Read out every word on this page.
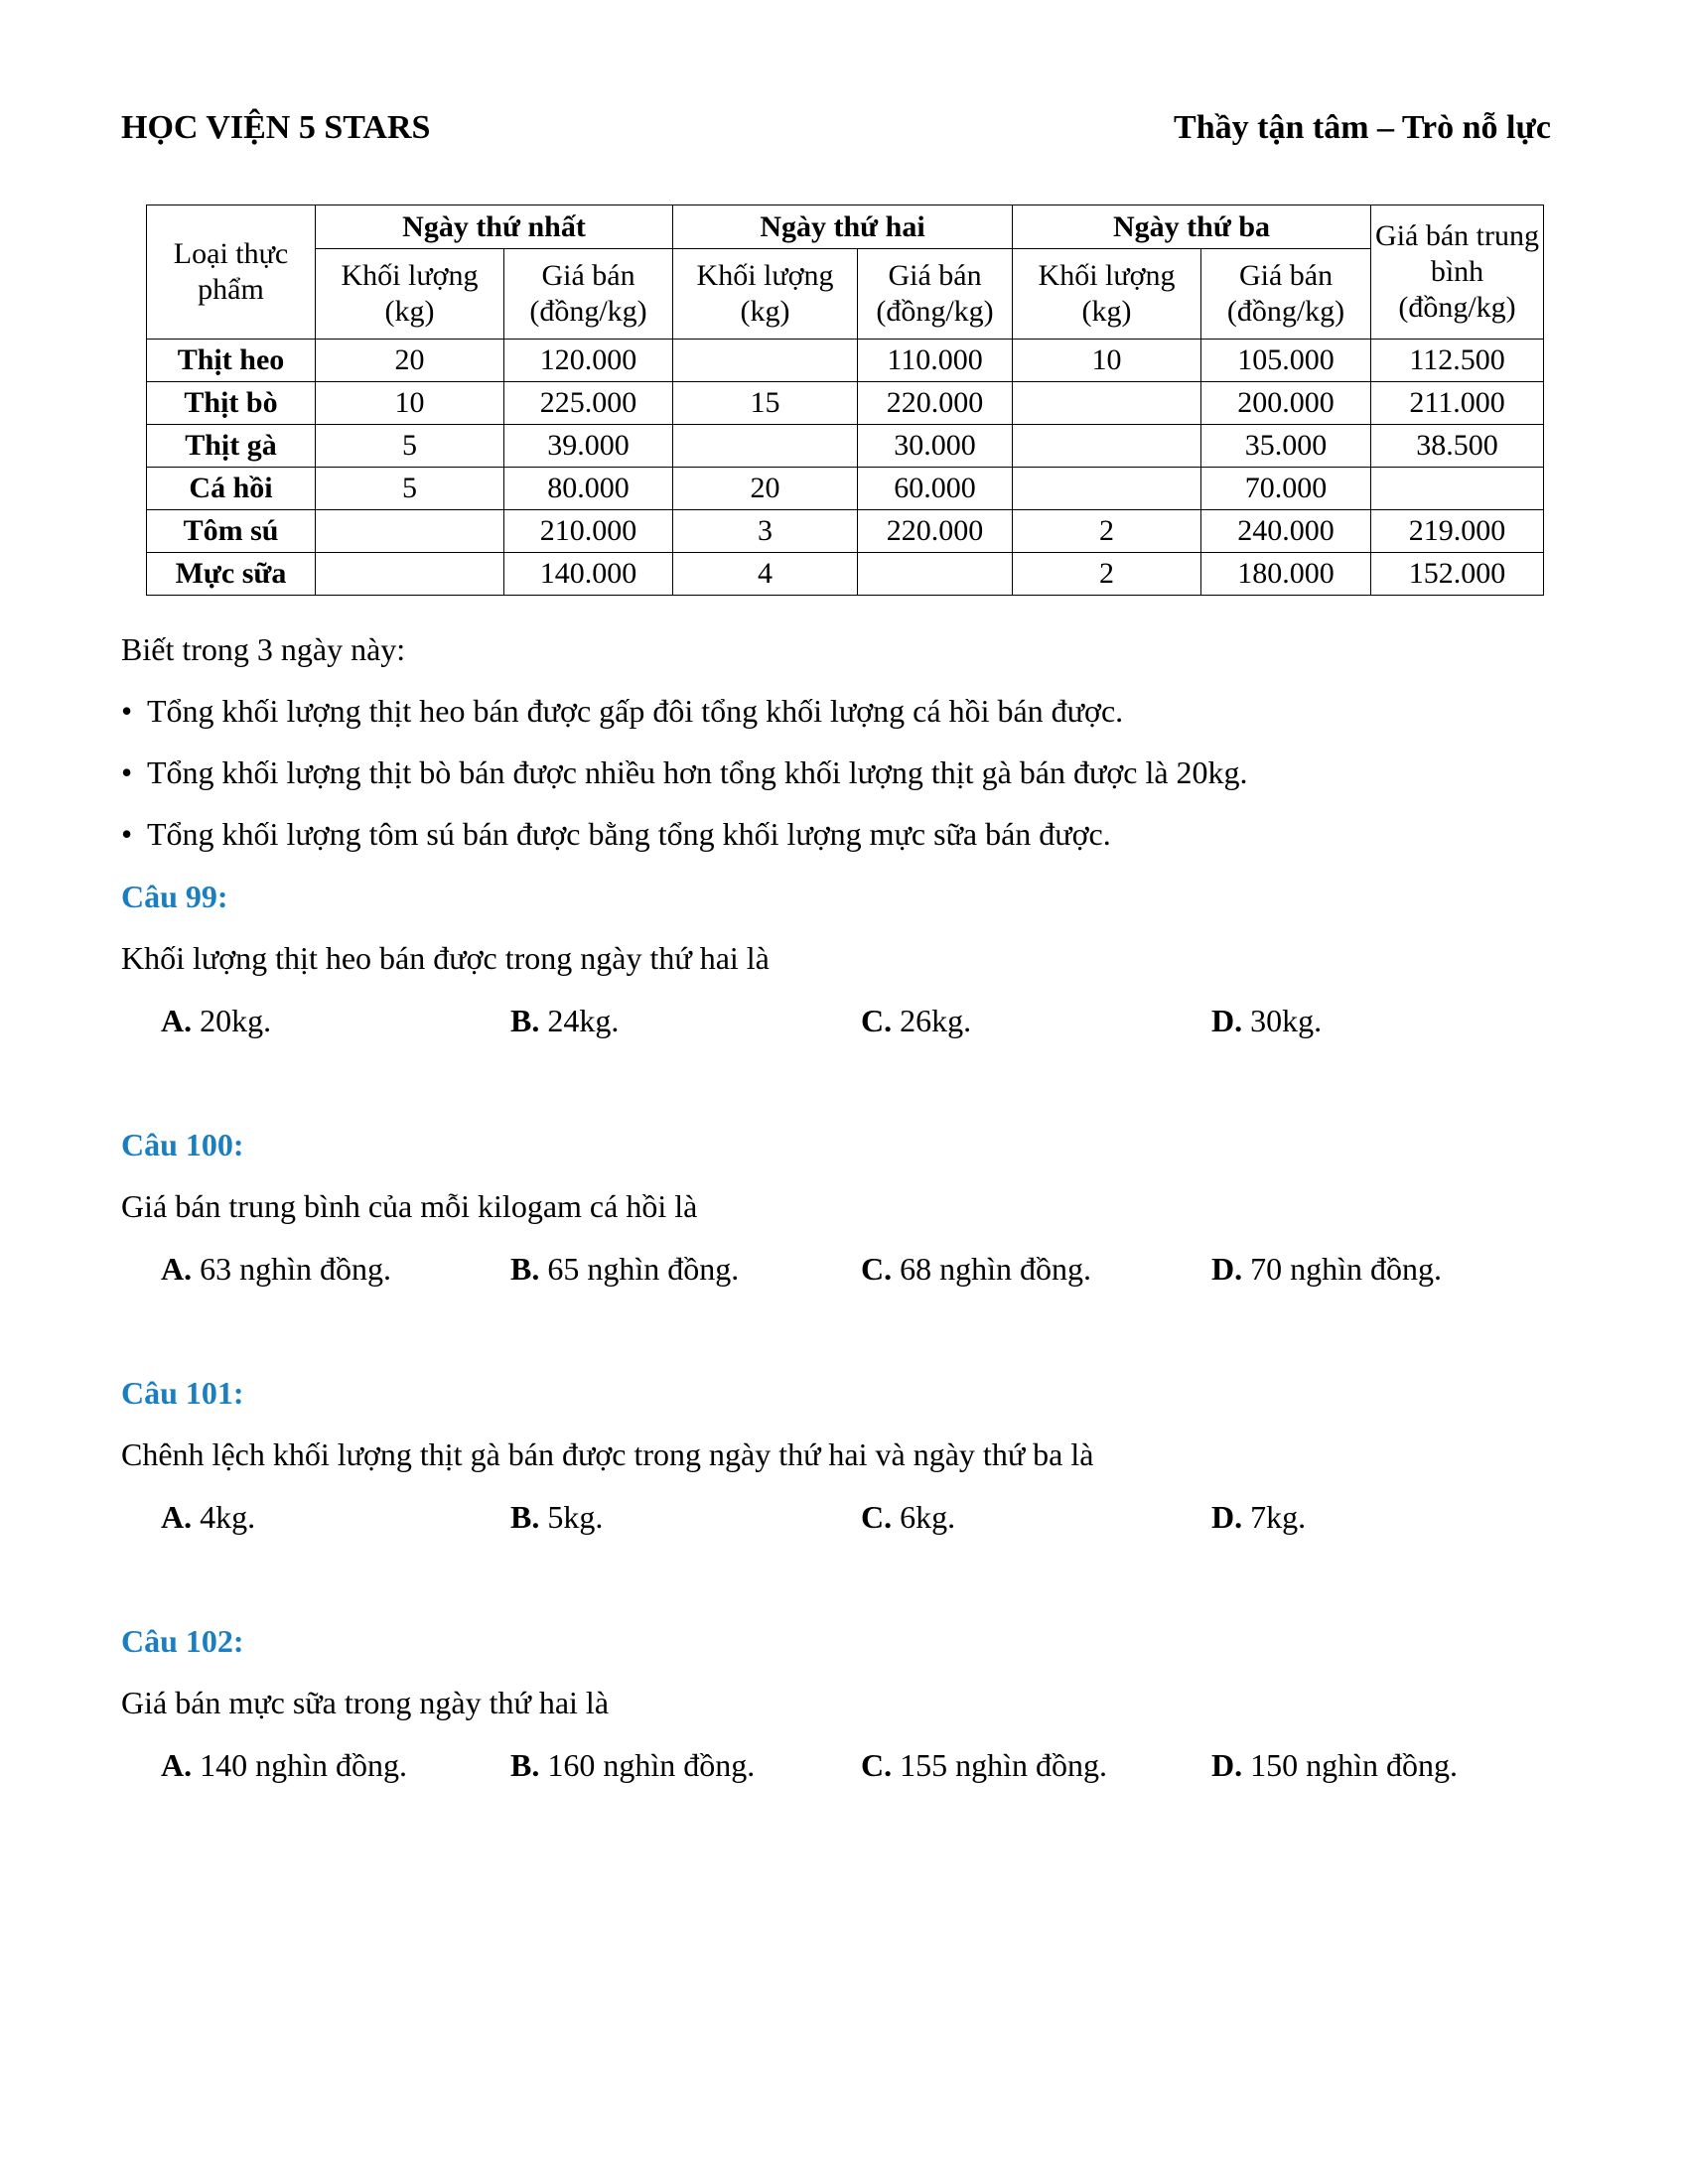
HỌC VIỆN 5 STARS	Thầy tận tâm – Trò nỗ lực
Loại thực phẩm	Ngày thứ nhất		Ngày thứ hai		Ngày thứ ba		Giá bán trung bình (đồng/kg)
	Khối lượng (kg)	Giá bán (đồng/kg)	Khối lượng (kg)	Giá bán (đồng/kg)	Khối lượng (kg)	Giá bán (đồng/kg)	
Thịt heo	20	120.000		110.000	10	105.000	112.500
Thịt bò	10	225.000	15	220.000		200.000	211.000
Thịt gà	5	39.000		30.000		35.000	38.500
Cá hồi	5	80.000	20	60.000		70.000	
Tôm sú		210.000	3	220.000	2	240.000	219.000
Mực sữa		140.000	4		2	180.000	152.000
Biết trong 3 ngày này:
• Tổng khối lượng thịt heo bán được gấp đôi tổng khối lượng cá hồi bán được.
• Tổng khối lượng thịt bò bán được nhiều hơn tổng khối lượng thịt gà bán được là 20kg.
• Tổng khối lượng tôm sú bán được bằng tổng khối lượng mực sữa bán được.
Câu 99:
Khối lượng thịt heo bán được trong ngày thứ hai là
A. 20kg.	B. 24kg.	C. 26kg.	D. 30kg.
Câu 100:
Giá bán trung bình của mỗi kilogam cá hồi là
A. 63 nghìn đồng.	B. 65 nghìn đồng.	C. 68 nghìn đồng.	D. 70 nghìn đồng.
Câu 101:
Chênh lệch khối lượng thịt gà bán được trong ngày thứ hai và ngày thứ ba là
A. 4kg.	B. 5kg.	C. 6kg.	D. 7kg.
Câu 102:
Giá bán mực sữa trong ngày thứ hai là
A. 140 nghìn đồng.	B. 160 nghìn đồng.	C. 155 nghìn đồng.	D. 150 nghìn đồng.
